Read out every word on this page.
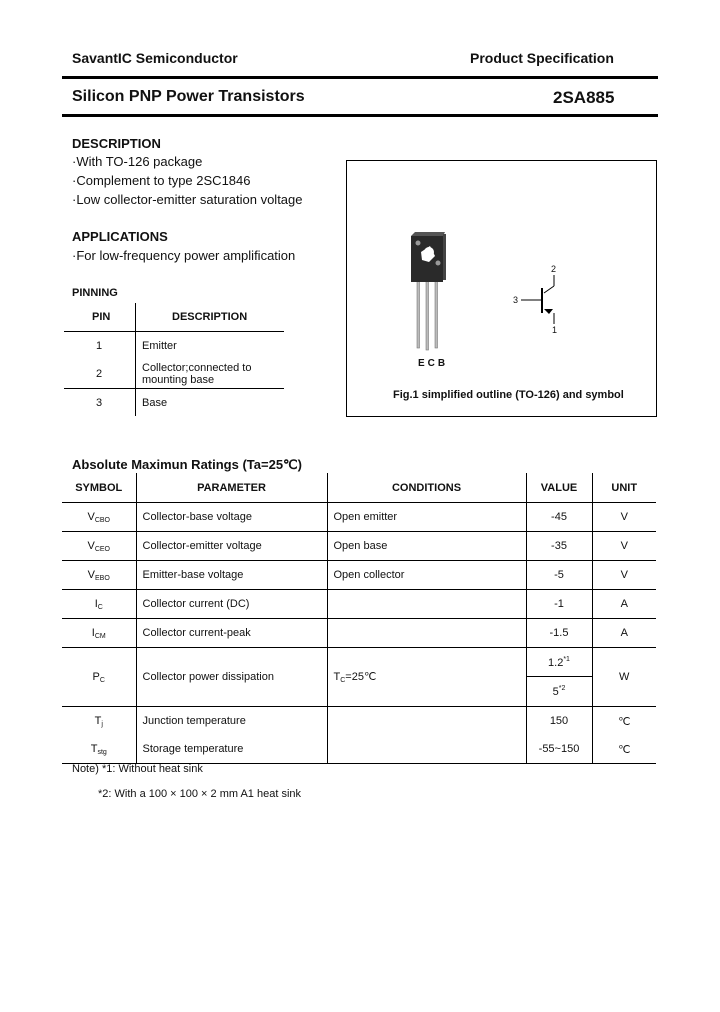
SavantIC Semiconductor	Product Specification
Silicon PNP Power Transistors	2SA885
DESCRIPTION
·With TO-126 package
·Complement to type 2SC1846
·Low collector-emitter saturation voltage
APPLICATIONS
·For low-frequency power amplification
PINNING
PIN	DESCRIPTION
1	Emitter
2	Collector;connected to
mounting base
3	Base
ECB
2
3
1
Fig.1 simplified outline (TO-126) and symbol
Absolute Maximun Ratings (Ta=25℃)
SYMBOL	PARAMETER	CONDITIONS	VALUE	UNIT
$V_{CBO}$	Collector-base voltage	Open emitter	-45	V
$V_{CEO}$	Collector-emitter voltage	Open base	-35	V
$V_{EBO}$	Emitter-base voltage	Open collector	-5	V
$I_C$	Collector current (DC)		-1	A
$I_{CM}$	Collector current-peak		-1.5	A
$P_C$	Collector power dissipation	$T_C=25℃$	1.2$^{*1}$	W
			5$^{*2}$
$T_j$	Junction temperature		150	℃
$T_{stg}$	Storage temperature		-55~150	℃
Note) *1: Without heat sink
*2: With a 100 × 100 × 2 mm A1 heat sink
